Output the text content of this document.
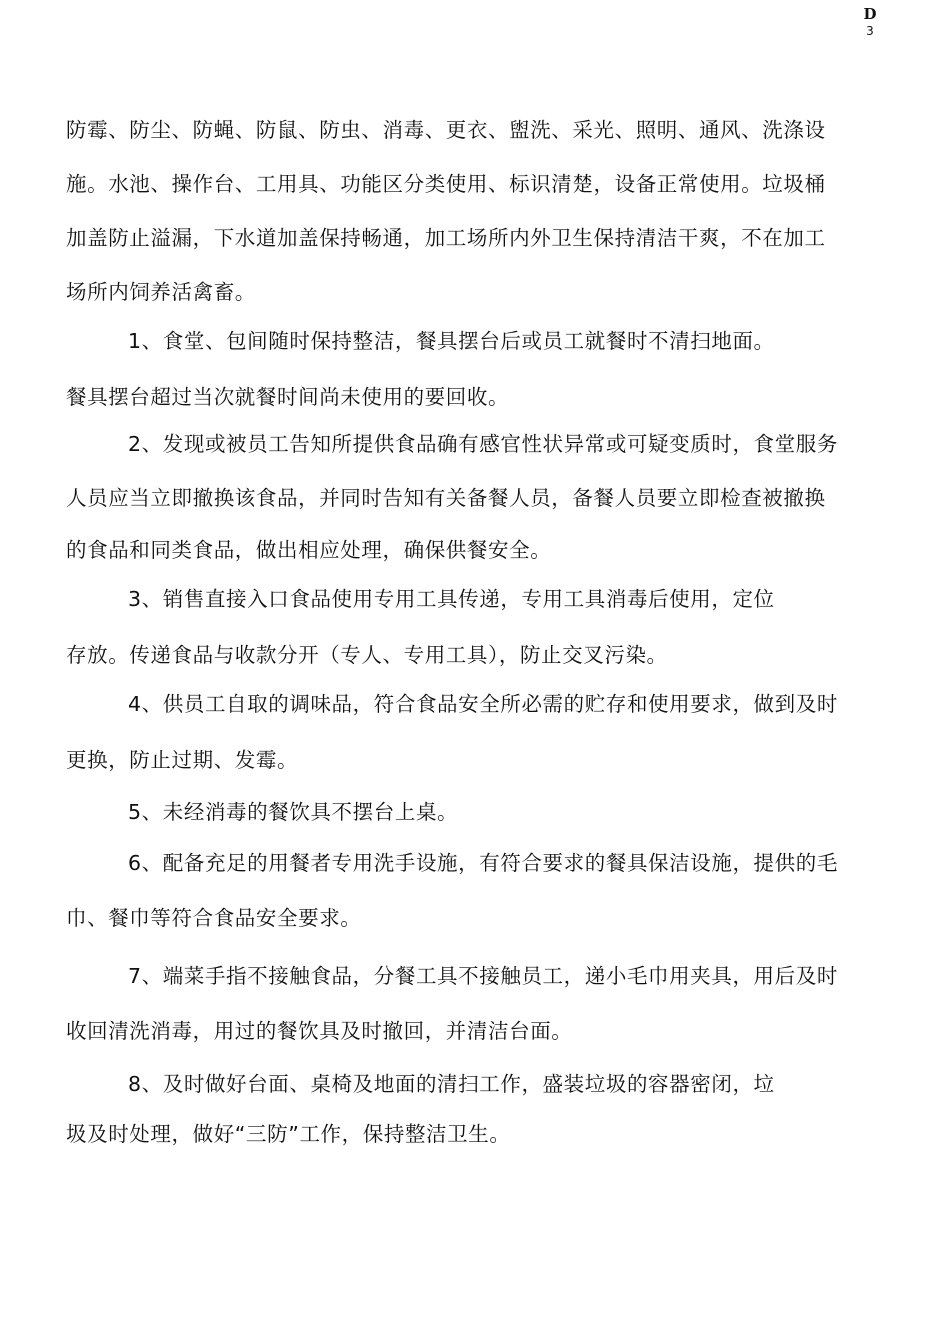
D
3
防霉、防尘、防蝇、防鼠、防虫、消毒、更衣、盥洗、采光、照明、通风、洗涤设
施。水池、操作台、工用具、功能区分类使用、标识清楚，设备正常使用。垃圾桶
加盖防止溢漏，下水道加盖保持畅通，加工场所内外卫生保持清洁干爽，不在加工
场所内饲养活禽畜。
1、食堂、包间随时保持整洁，餐具摆台后或员工就餐时不清扫地面。
餐具摆台超过当次就餐时间尚未使用的要回收。
2、发现或被员工告知所提供食品确有感官性状异常或可疑变质时，食堂服务
人员应当立即撤换该食品，并同时告知有关备餐人员，备餐人员要立即检查被撤换
的食品和同类食品，做出相应处理，确保供餐安全。
3、销售直接入口食品使用专用工具传递，专用工具消毒后使用，定位
存放。传递食品与收款分开（专人、专用工具），防止交叉污染。
4、供员工自取的调味品，符合食品安全所必需的贮存和使用要求，做到及时
更换，防止过期、发霉。
5、未经消毒的餐饮具不摆台上桌。
6、配备充足的用餐者专用洗手设施，有符合要求的餐具保洁设施，提供的毛
巾、餐巾等符合食品安全要求。
7、端菜手指不接触食品，分餐工具不接触员工，递小毛巾用夹具，用后及时
收回清洗消毒，用过的餐饮具及时撤回，并清洁台面。
8、及时做好台面、桌椅及地面的清扫工作，盛装垃圾的容器密闭，垃
圾及时处理，做好“三防”工作，保持整洁卫生。
